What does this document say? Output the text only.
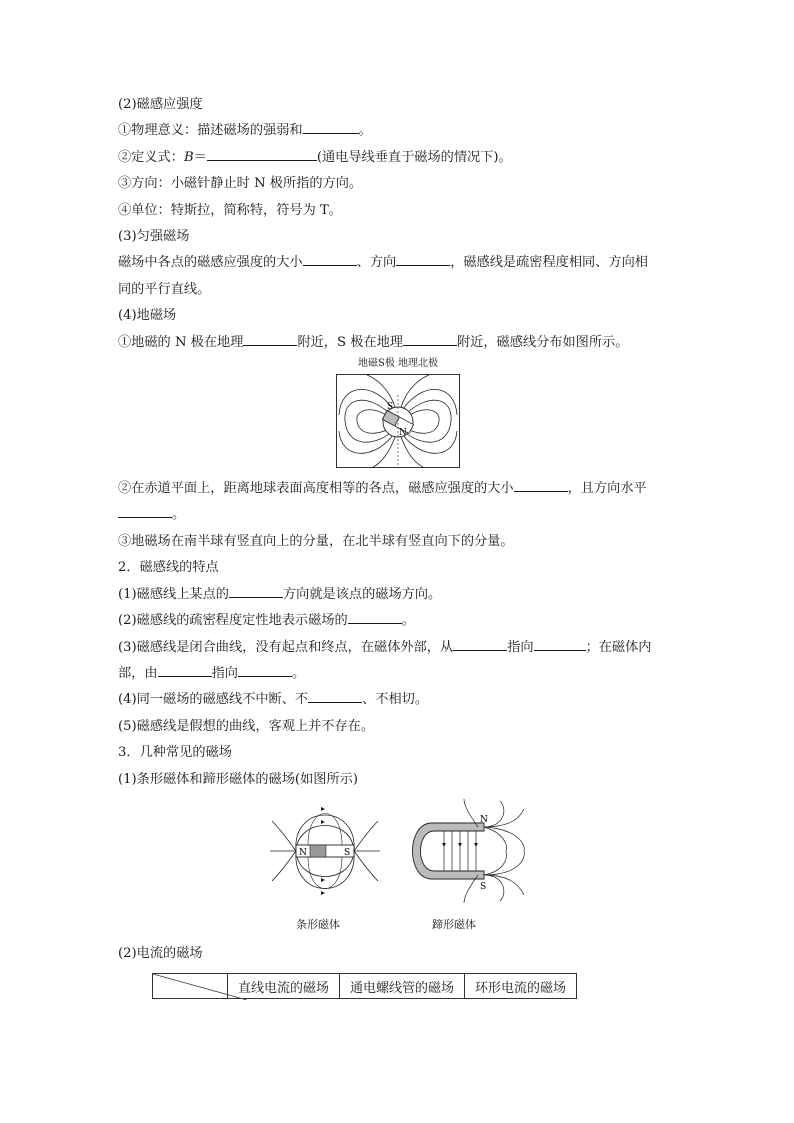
(2)磁感应强度
①物理意义：描述磁场的强弱和	。
②定义式：B＝	(通电导线垂直于磁场的情况下)。
③方向：小磁针静止时 N 极所指的方向。
④单位：特斯拉，简称特，符号为 T。
(3)匀强磁场
磁场中各点的磁感应强度的大小	、方向	，磁感线是疏密程度相同、方向相
同的平行直线。
(4)地磁场
①地磁的 N 极在地理	附近，S 极在地理	附近，磁感线分布如图所示。
地磁S极 地理北极
S
N
②在赤道平面上，距离地球表面高度相等的各点，磁感应强度的大小	，且方向水平
。
③地磁场在南半球有竖直向上的分量，在北半球有竖直向下的分量。
2．磁感线的特点
(1)磁感线上某点的	方向就是该点的磁场方向。
(2)磁感线的疏密程度定性地表示磁场的	。
(3)磁感线是闭合曲线，没有起点和终点，在磁体外部，从	指向	；在磁体内
部，由	指向	。
(4)同一磁场的磁感线不中断、不	、不相切。
(5)磁感线是假想的曲线，客观上并不存在。
3．几种常见的磁场
(1)条形磁体和蹄形磁体的磁场(如图所示)
N	S
N
S
条形磁体	蹄形磁体
(2)电流的磁场
	直线电流的磁场	通电螺线管的磁场	环形电流的磁场
